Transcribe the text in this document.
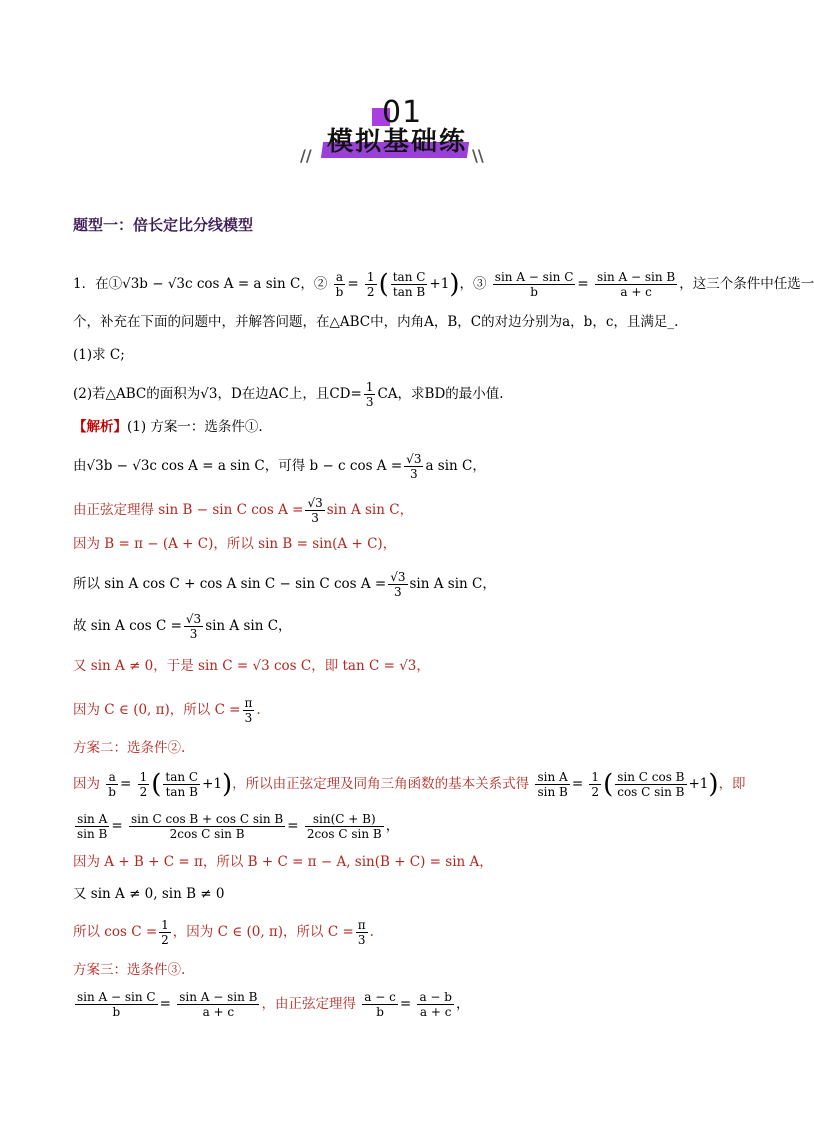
01
// 模拟基础练 \\
题型一：倍长定比分线模型
1．在①√3b − √3c cos A = a sin C，② $\frac{a}{b} = \frac{1}{2}$ ( $\frac{\text{tan C}}{\text{tan B}} +1$)，③ $\frac{\text{sin A − sin C}}{b} = \frac{\text{sin A − sin B}}{a + c}$ ，这三个条件中任选一
个，补充在下面的问题中，并解答问题，在△ABC中，内角A，B，C的对边分别为a，b，c，且满足_.
(1)求 C;
(2)若△ABC的面积为√3，D在边AC上，且$CD= \frac{1}{3}$ CA，求BD的最小值.
【解析】(1) 方案一：选条件①.
由√3b − √3c cos A = a sin C，可得 b − c $\cos A = \frac{√3}{3}$ a sin C，
由正弦定理得 sin B − sin C $\cos A = \frac{√3}{3}$ sin A sin C，
因为 B = π − (A + C)，所以 sin B = sin(A + C)，
所以 sin A cos C + cos A sin C − sin C $\cos A = \frac{√3}{3}$ sin A sin C，
故 sin A $\cos C = \frac{√3}{3}$ sin A sin C，
又 sin A ≠ 0，于是 sin C = √3 cos C，即 tan C = √3，
因为 C ∈ (0, π)，所以 $C = \frac{\pi}{3}$ .
方案二：选条件②.
因为 $\frac{a}{b} = \frac{1}{2}$ ( $\frac{\text{tan C}}{\text{tan B}} +1$)，所以由正弦定理及同角三角函数的基本关系式得 $\frac{\text{sin A}}{\text{sin B}} = \frac{1}{2}$ ( $\frac{\text{sin C cos B}}{\text{cos C sin B}} +1$)，即
$\frac{\text{sin A}}{\text{sin B}} = \frac{\text{sin C cos B + cos C sin B}}{\text{2cos C sin B}} = \frac{\sin(C + B)}{\text{2cos C sin B}}$ ，
因为 A + B + C = π，所以 B + C = π − A, sin(B + C) = sin A，
又 sin A ≠ 0, sin B ≠ 0
所以 $\cos C = \frac{1}{2}$ ，因为 C ∈ (0, π)，所以 $C = \frac{\pi}{3}$ .
方案三：选条件③.
$\frac{\text{sin A − sin C}}{b} = \frac{\text{sin A − sin B}}{a + c}$ ，由正弦定理得 $\frac{a - c}{b} = \frac{a - b}{a + c}$ ，
